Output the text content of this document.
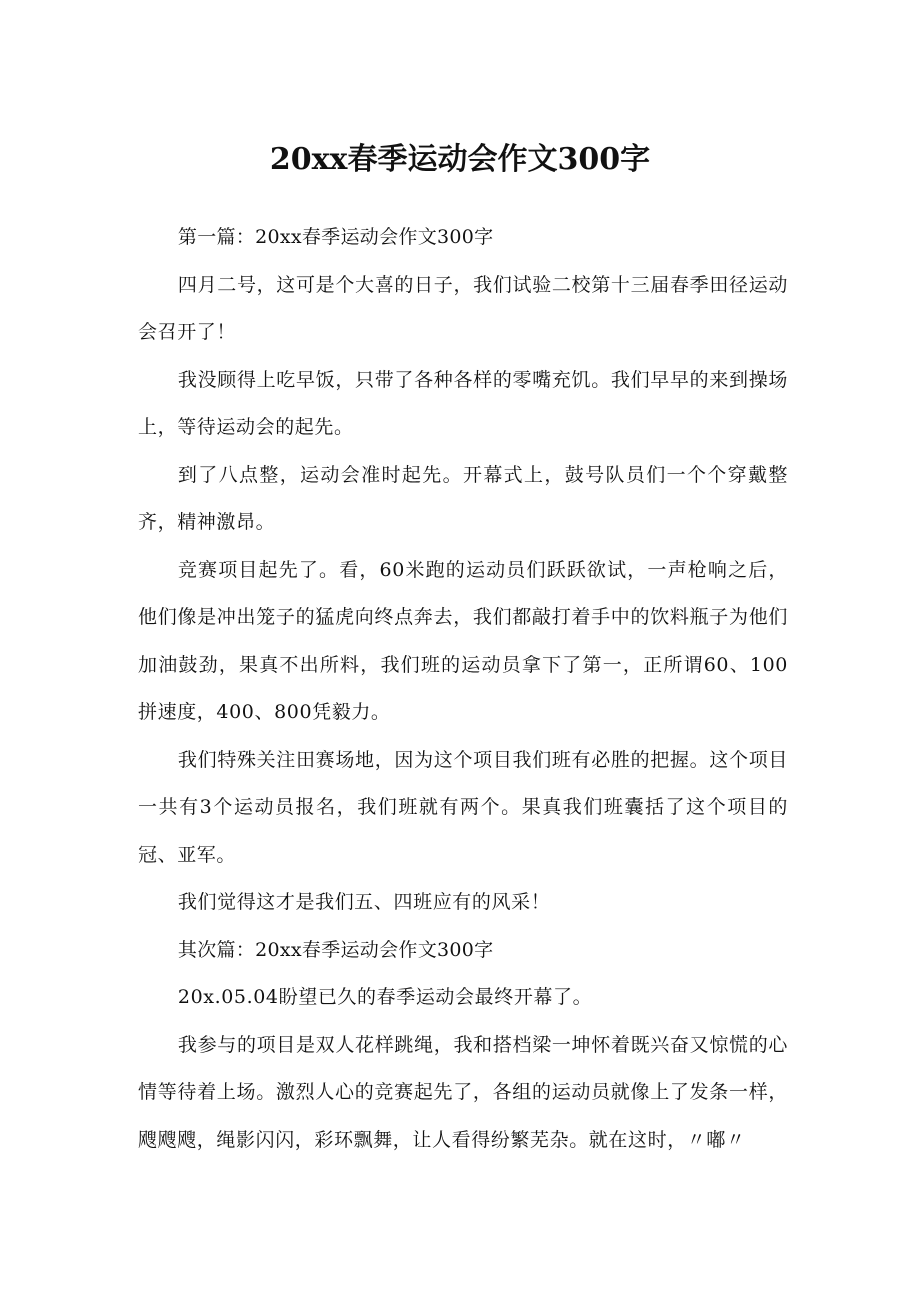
20xx春季运动会作文300字

第一篇：20xx春季运动会作文300字

四月二号，这可是个大喜的日子，我们试验二校第十三届春季田径运动会召开了！

我没顾得上吃早饭，只带了各种各样的零嘴充饥。我们早早的来到操场上，等待运动会的起先。

到了八点整，运动会准时起先。开幕式上，鼓号队员们一个个穿戴整齐，精神激昂。

竞赛项目起先了。看，60米跑的运动员们跃跃欲试，一声枪响之后，他们像是冲出笼子的猛虎向终点奔去，我们都敲打着手中的饮料瓶子为他们加油鼓劲，果真不出所料，我们班的运动员拿下了第一，正所谓60、100拼速度，400、800凭毅力。

我们特殊关注田赛场地，因为这个项目我们班有必胜的把握。这个项目一共有3个运动员报名，我们班就有两个。果真我们班囊括了这个项目的冠、亚军。

我们觉得这才是我们五、四班应有的风采！

其次篇：20xx春季运动会作文300字

20x.05.04盼望已久的春季运动会最终开幕了。

我参与的项目是双人花样跳绳，我和搭档梁一坤怀着既兴奋又惊慌的心情等待着上场。激烈人心的竞赛起先了，各组的运动员就像上了发条一样，飕飕飕，绳影闪闪，彩环飘舞，让人看得纷繁芜杂。就在这时，〃嘟〃
